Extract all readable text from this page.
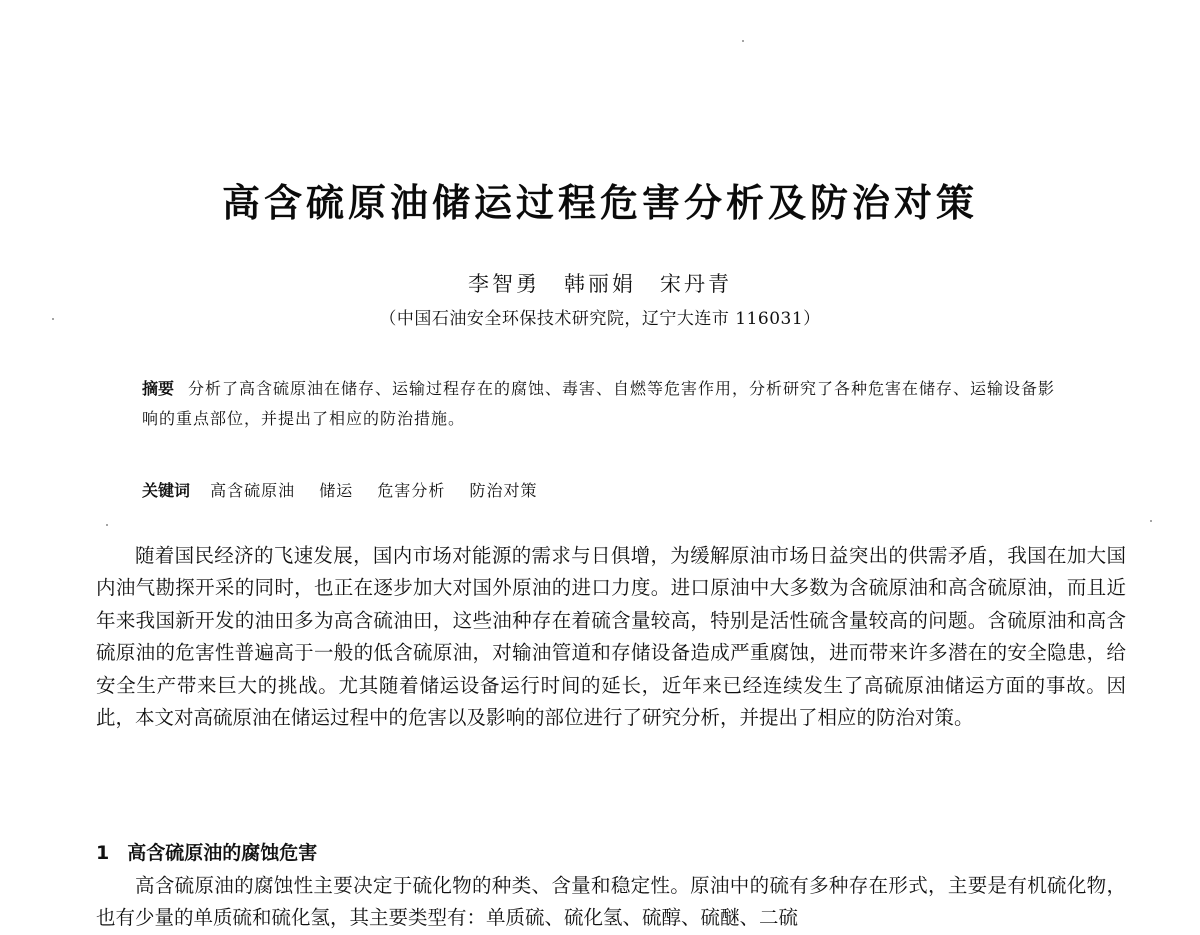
高含硫原油储运过程危害分析及防治对策
李智勇　韩丽娟　宋丹青
（中国石油安全环保技术研究院，辽宁大连市 116031）
摘要 分析了高含硫原油在储存、运输过程存在的腐蚀、毒害、自燃等危害作用，分析研究了各种危害在储存、运输设备影响的重点部位，并提出了相应的防治措施。
关键词 高含硫原油 储运 危害分析 防治对策
随着国民经济的飞速发展，国内市场对能源的需求与日俱增，为缓解原油市场日益突出的供需矛盾，我国在加大国内油气勘探开采的同时，也正在逐步加大对国外原油的进口力度。进口原油中大多数为含硫原油和高含硫原油，而且近年来我国新开发的油田多为高含硫油田，这些油种存在着硫含量较高，特别是活性硫含量较高的问题。含硫原油和高含硫原油的危害性普遍高于一般的低含硫原油，对输油管道和存储设备造成严重腐蚀，进而带来许多潜在的安全隐患，给安全生产带来巨大的挑战。尤其随着储运设备运行时间的延长，近年来已经连续发生了高硫原油储运方面的事故。因此，本文对高硫原油在储运过程中的危害以及影响的部位进行了研究分析，并提出了相应的防治对策。
1 高含硫原油的腐蚀危害
高含硫原油的腐蚀性主要决定于硫化物的种类、含量和稳定性。原油中的硫有多种存在形式，主要是有机硫化物，也有少量的单质硫和硫化氢，其主要类型有：单质硫、硫化氢、硫醇、硫醚、二硫
